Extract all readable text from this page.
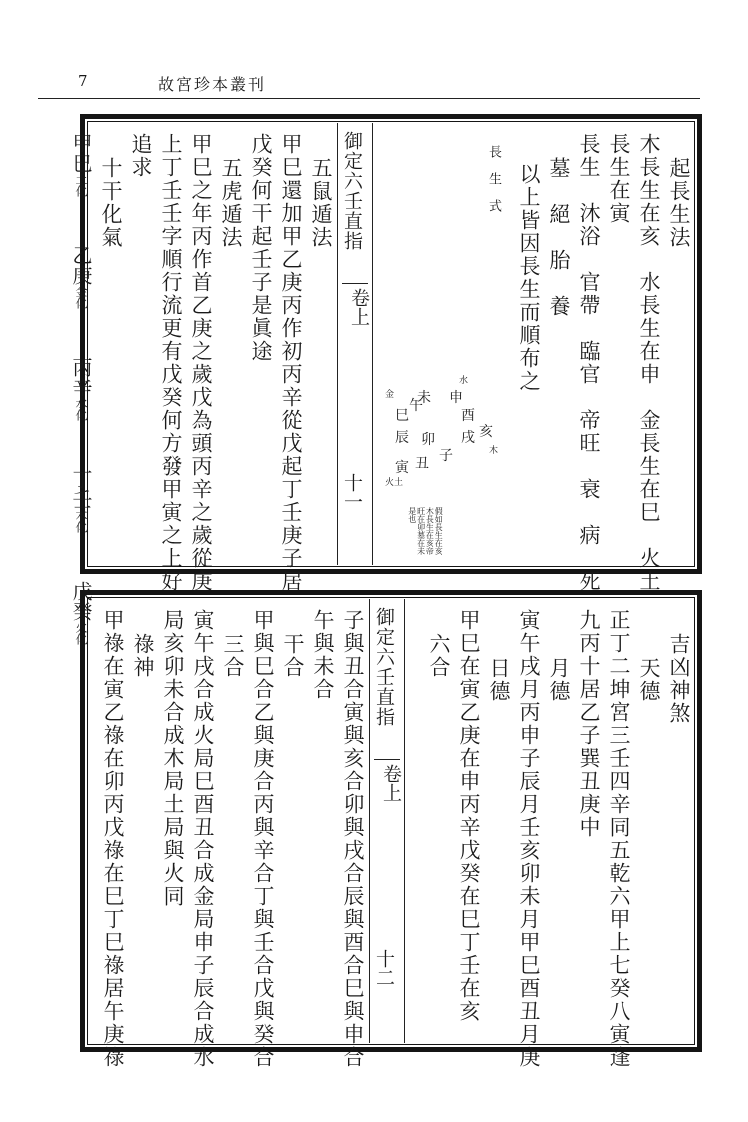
7	故宮珍本叢刊
起長生法
木長生在亥　水長生在申　金長生在巳　火土
長生在寅
長生　沐浴　官帶　臨官　帝旺　衰　病　死
墓　絕　胎　養
以上皆因長生而順布之
長生式
水
金 未 申
巳
午
酉
辰 卯 戌 亥
寅 丑 子	木
火土
假如長生在亥木長生在亥帝旺在卯墓在未是也
御定六壬直指
卷上
十一
五鼠遁法
甲巳還加甲乙庚丙作初丙辛從戊起丁壬庚子居
戊癸何干起壬子是眞途
五虎遁法
甲巳之年丙作首乙庚之歲戊為頭丙辛之歲從庚
上丁壬壬字順行流更有戊癸何方發甲寅之上好
追求
十干化氣
甲巳土化 乙庚金化 丙辛水化 丁壬木化 戊癸火化	吉凶神煞
天德
正丁二坤宮三壬四辛同五乾六甲上七癸八寅逢
九丙十居乙子巽丑庚中
月德
寅午戌月丙申子辰月壬亥卯未月甲巳酉丑月庚
日德
甲巳在寅乙庚在申丙辛戊癸在巳丁壬在亥
六合
御定六壬直指
卷上
十二
子與丑合寅與亥合卯與戌合辰與酉合巳與申合
午與未合
干合
甲與巳合乙與庚合丙與辛合丁與壬合戊與癸合
三合
寅午戌合成火局巳酉丑合成金局申子辰合成水
局亥卯未合成木局土局與火同
祿神
甲祿在寅乙祿在卯丙戊祿在巳丁巳祿居午庚祿
